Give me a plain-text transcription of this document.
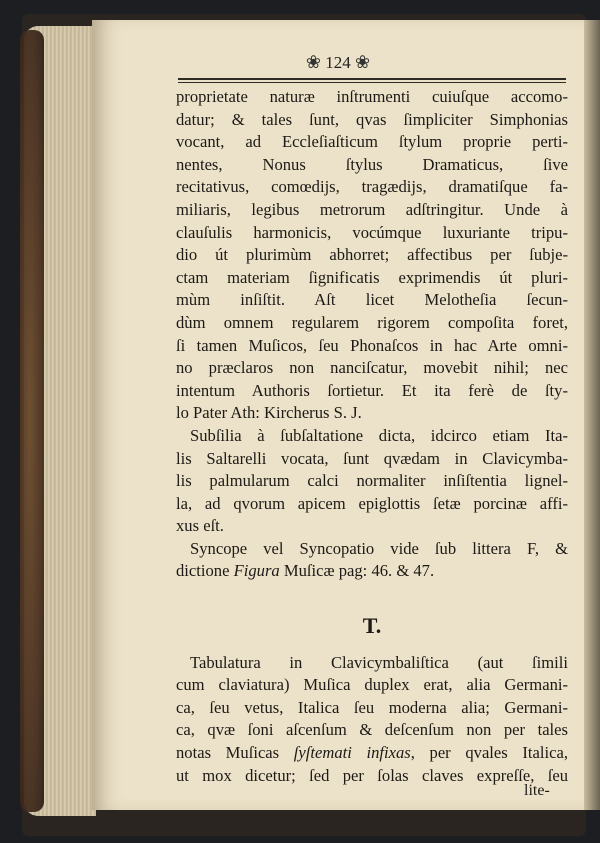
❀ 124 ❀

proprietate naturæ inſtrumenti cuiuſque accomo-

datur; & tales ſunt, qvas ſimpliciter Simphonias

vocant, ad Eccleſiaſticum ſtylum proprie perti-

nentes, Nonus ſtylus Dramaticus, ſive

recitativus, comœdijs, tragædijs, dramatiſque fa-

miliaris, legibus metrorum adſtringitur. Unde à

clauſulis harmonicis, vocúmque luxuriante tripu-

dio út plurimùm abhorret; affectibus per ſubje-

ctam materiam ſignificatis exprimendis út pluri-

mùm inſiſtit. Aſt licet Melotheſia ſecun-

dùm omnem regularem rigorem compoſita foret,

ſi tamen Muſicos, ſeu Phonaſcos in hac Arte omni-

no præclaros non nanciſcatur, movebit nihil; nec

intentum Authoris ſortietur. Et ita ferè de ſty-

lo Pater Ath: Kircherus S. J.

Subſilia à ſubſaltatione dicta, idcirco etiam Ita-

lis Saltarelli vocata, ſunt qvædam in Clavicymba-

lis palmularum calci normaliter inſiſtentia lignel-

la, ad qvorum apicem epiglottis ſetæ porcinæ affi-

xus eſt.

Syncope vel Syncopatio vide ſub littera F, &

dictione Figura Muſicæ pag: 46. & 47.

T.

Tabulatura in Clavicymbaliſtica (aut ſimili

cum claviatura) Muſica duplex erat, alia Germani-

ca, ſeu vetus, Italica ſeu moderna alia; Germani-

ca, qvæ ſoni aſcenſum & deſcenſum non per tales

notas Muſicas ſyſtemati infixas, per qvales Italica,

ut mox dicetur; ſed per ſolas claves expreſſe, ſeu

lite-
